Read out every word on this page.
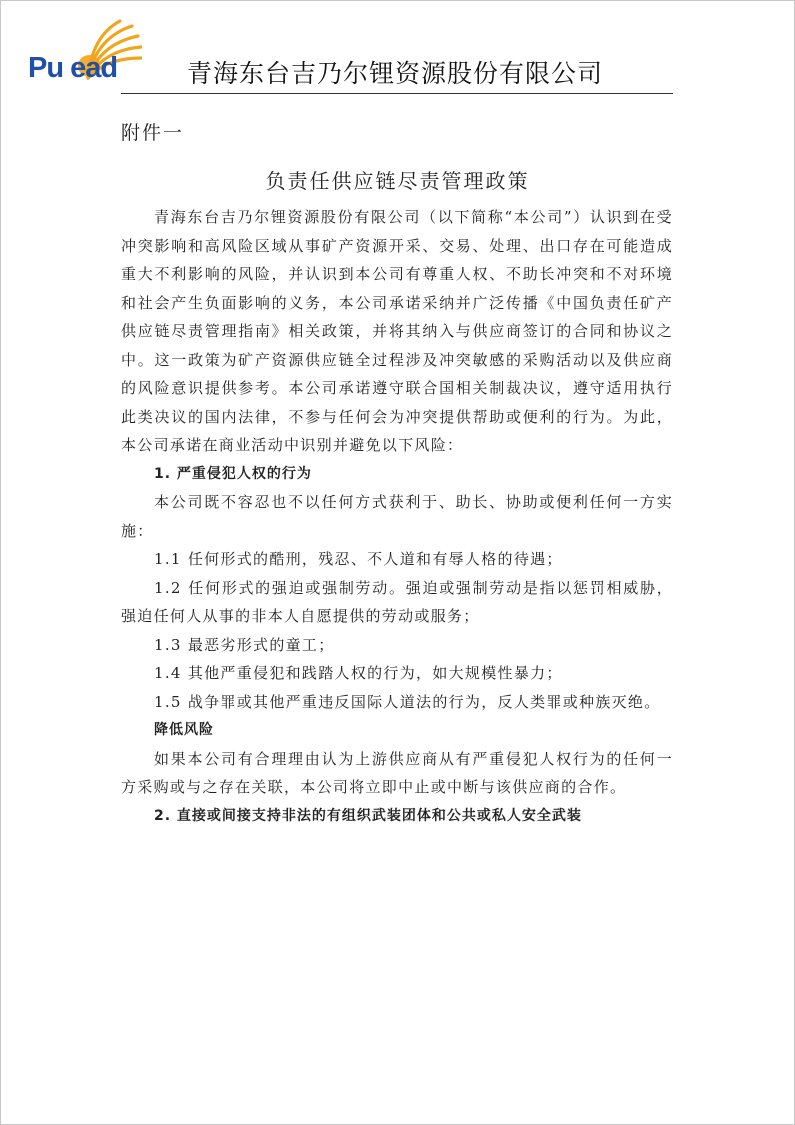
Pu ead	青海东台吉乃尔锂资源股份有限公司
附件一
负责任供应链尽责管理政策

青海东台吉乃尔锂资源股份有限公司（以下简称“本公司”）认识到在受冲突影响和高风险区域从事矿产资源开采、交易、处理、出口存在可能造成重大不利影响的风险，并认识到本公司有尊重人权、不助长冲突和不对环境和社会产生负面影响的义务，本公司承诺采纳并广泛传播《中国负责任矿产供应链尽责管理指南》相关政策，并将其纳入与供应商签订的合同和协议之中。这一政策为矿产资源供应链全过程涉及冲突敏感的采购活动以及供应商的风险意识提供参考。本公司承诺遵守联合国相关制裁决议，遵守适用执行此类决议的国内法律，不参与任何会为冲突提供帮助或便利的行为。为此，本公司承诺在商业活动中识别并避免以下风险：

1. 严重侵犯人权的行为

本公司既不容忍也不以任何方式获利于、助长、协助或便利任何一方实施：

1.1 任何形式的酷刑，残忍、不人道和有辱人格的待遇；

1.2 任何形式的强迫或强制劳动。强迫或强制劳动是指以惩罚相威胁，强迫任何人从事的非本人自愿提供的劳动或服务；

1.3 最恶劣形式的童工；

1.4 其他严重侵犯和践踏人权的行为，如大规模性暴力；

1.5 战争罪或其他严重违反国际人道法的行为，反人类罪或种族灭绝。

降低风险

如果本公司有合理理由认为上游供应商从有严重侵犯人权行为的任何一方采购或与之存在关联，本公司将立即中止或中断与该供应商的合作。

2. 直接或间接支持非法的有组织武装团体和公共或私人安全武装
